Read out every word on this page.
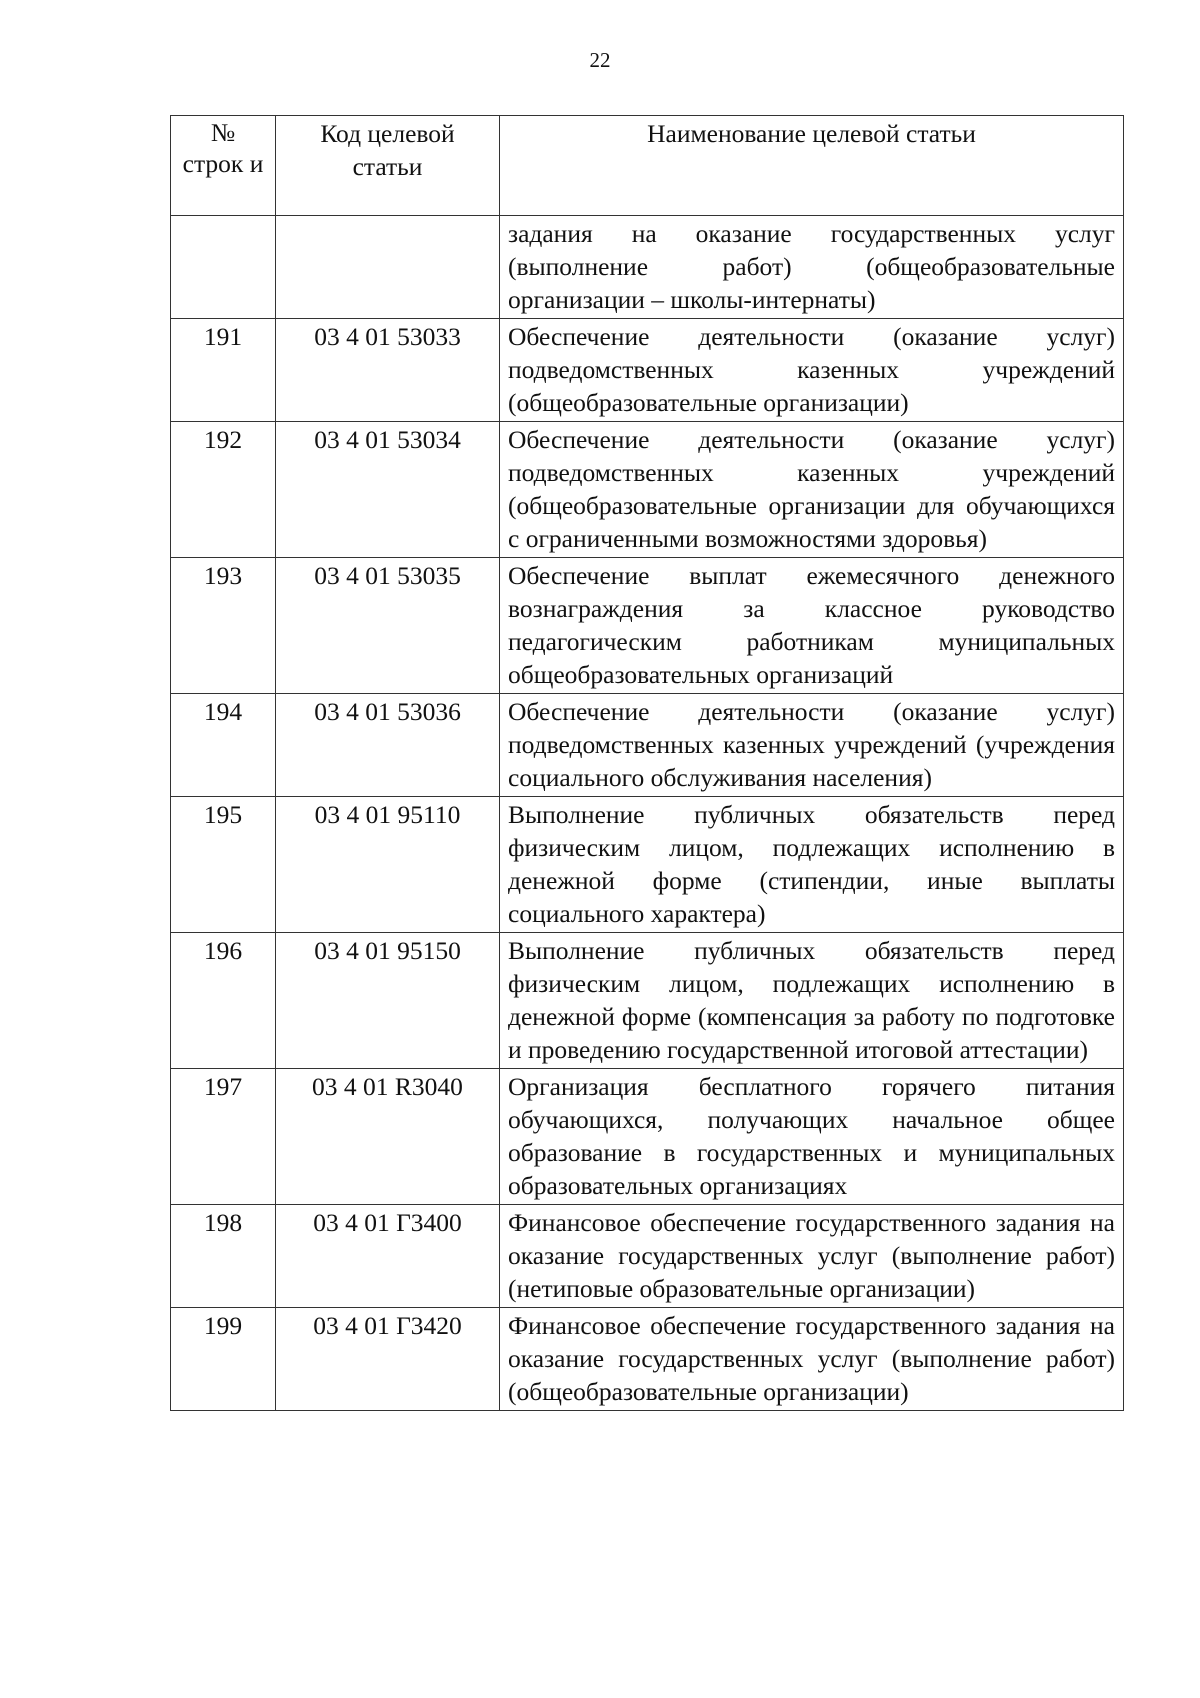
22
№ строк и	Код целевой статьи	Наименование целевой статьи
		задания на оказание государственных услуг (выполнение работ) (общеобразовательные организации – школы-интернаты)
191	03 4 01 53033	Обеспечение деятельности (оказание услуг) подведомственных казенных учреждений (общеобразовательные организации)
192	03 4 01 53034	Обеспечение деятельности (оказание услуг) подведомственных казенных учреждений (общеобразовательные организации для обучающихся с ограниченными возможностями здоровья)
193	03 4 01 53035	Обеспечение выплат ежемесячного денежного вознаграждения за классное руководство педагогическим работникам муниципальных общеобразовательных организаций
194	03 4 01 53036	Обеспечение деятельности (оказание услуг) подведомственных казенных учреждений (учреждения социального обслуживания населения)
195	03 4 01 95110	Выполнение публичных обязательств перед физическим лицом, подлежащих исполнению в денежной форме (стипендии, иные выплаты социального характера)
196	03 4 01 95150	Выполнение публичных обязательств перед физическим лицом, подлежащих исполнению в денежной форме (компенсация за работу по подготовке и проведению государственной итоговой аттестации)
197	03 4 01 R3040	Организация бесплатного горячего питания обучающихся, получающих начальное общее образование в государственных и муниципальных образовательных организациях
198	03 4 01 Г3400	Финансовое обеспечение государственного задания на оказание государственных услуг (выполнение работ) (нетиповые образовательные организации)
199	03 4 01 Г3420	Финансовое обеспечение государственного задания на оказание государственных услуг (выполнение работ) (общеобразовательные организации)
